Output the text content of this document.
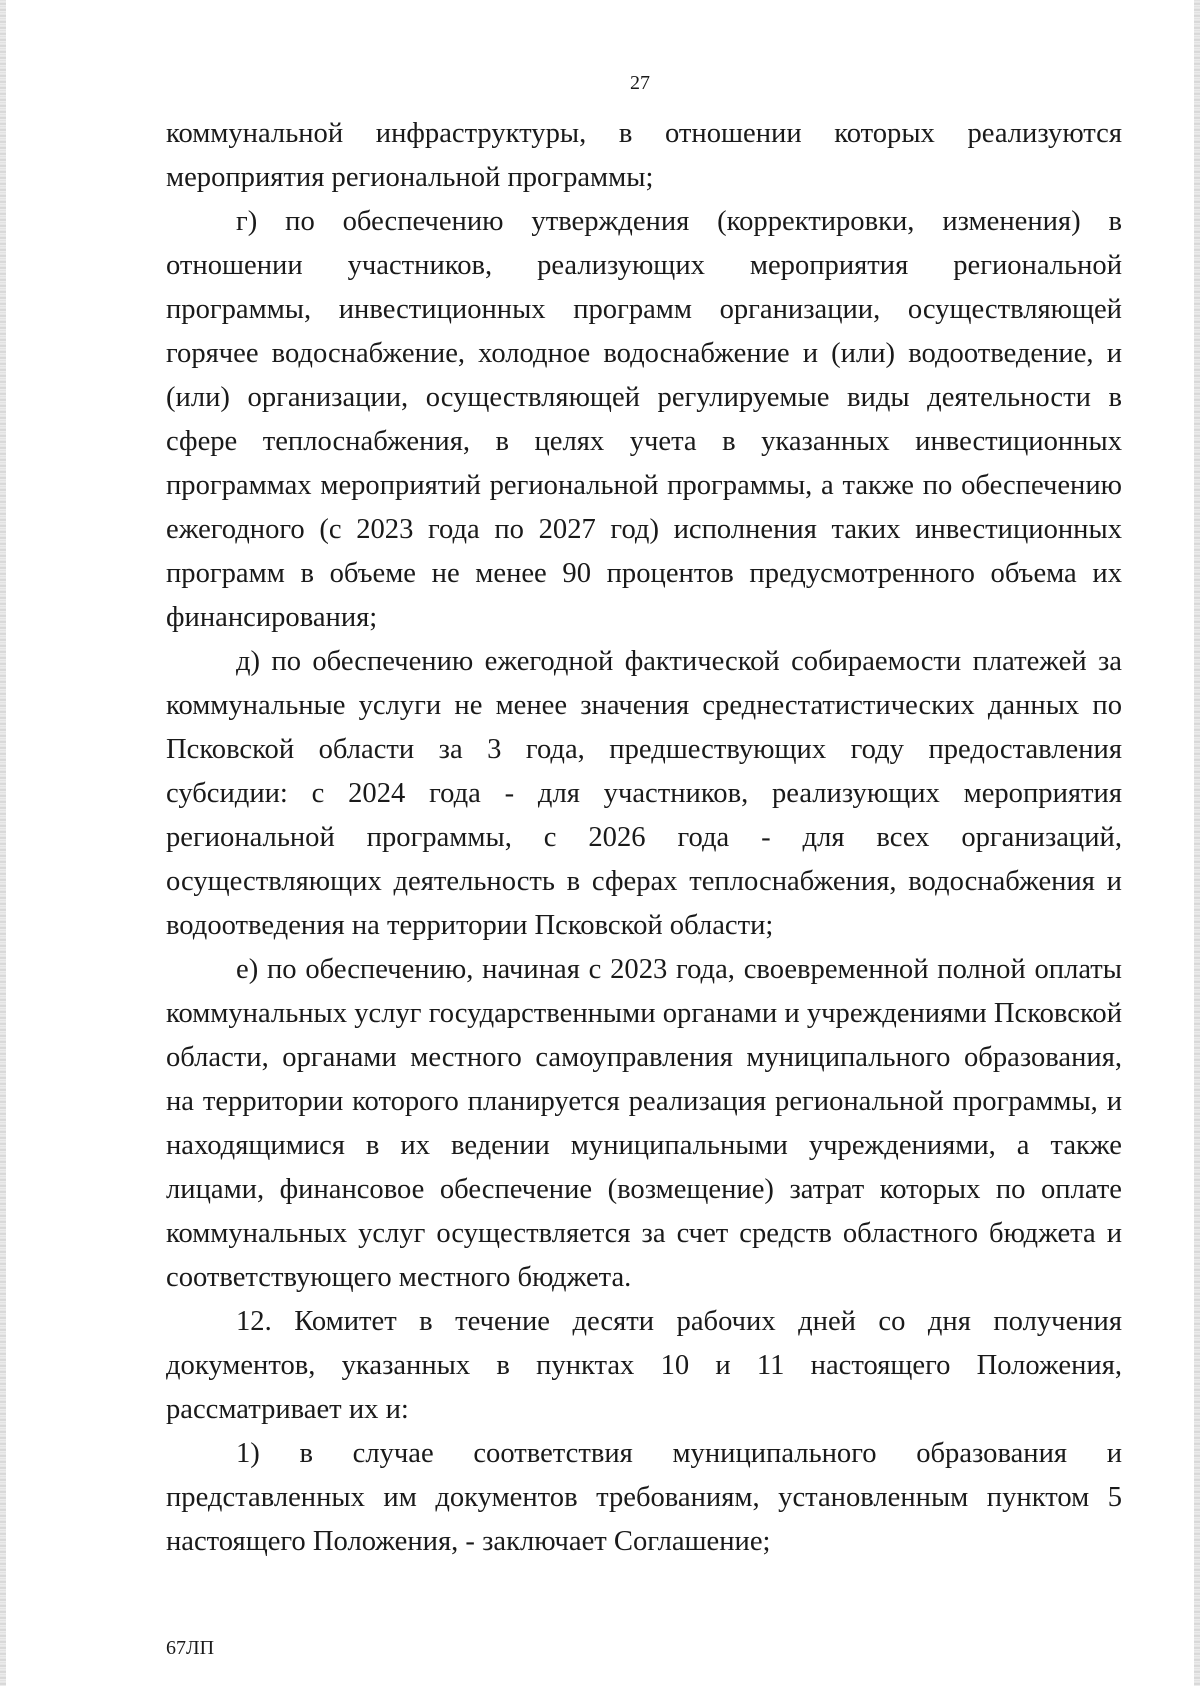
27

коммунальной инфраструктуры, в отношении которых реализуются мероприятия региональной программы;

г) по обеспечению утверждения (корректировки, изменения) в отношении участников, реализующих мероприятия региональной программы, инвестиционных программ организации, осуществляющей горячее водоснабжение, холодное водоснабжение и (или) водоотведение, и (или) организации, осуществляющей регулируемые виды деятельности в сфере теплоснабжения, в целях учета в указанных инвестиционных программах мероприятий региональной программы, а также по обеспечению ежегодного (с 2023 года по 2027 год) исполнения таких инвестиционных программ в объеме не менее 90 процентов предусмотренного объема их финансирования;

д) по обеспечению ежегодной фактической собираемости платежей за коммунальные услуги не менее значения среднестатистических данных по Псковской области за 3 года, предшествующих году предоставления субсидии: с 2024 года - для участников, реализующих мероприятия региональной программы, с 2026 года - для всех организаций, осуществляющих деятельность в сферах теплоснабжения, водоснабжения и водоотведения на территории Псковской области;

е) по обеспечению, начиная с 2023 года, своевременной полной оплаты коммунальных услуг государственными органами и учреждениями Псковской области, органами местного самоуправления муниципального образования, на территории которого планируется реализация региональной программы, и находящимися в их ведении муниципальными учреждениями, а также лицами, финансовое обеспечение (возмещение) затрат которых по оплате коммунальных услуг осуществляется за счет средств областного бюджета и соответствующего местного бюджета.

12. Комитет в течение десяти рабочих дней со дня получения документов, указанных в пунктах 10 и 11 настоящего Положения, рассматривает их и:

1) в случае соответствия муниципального образования и представленных им документов требованиям, установленным пунктом 5 настоящего Положения, - заключает Соглашение;

67ЛП
